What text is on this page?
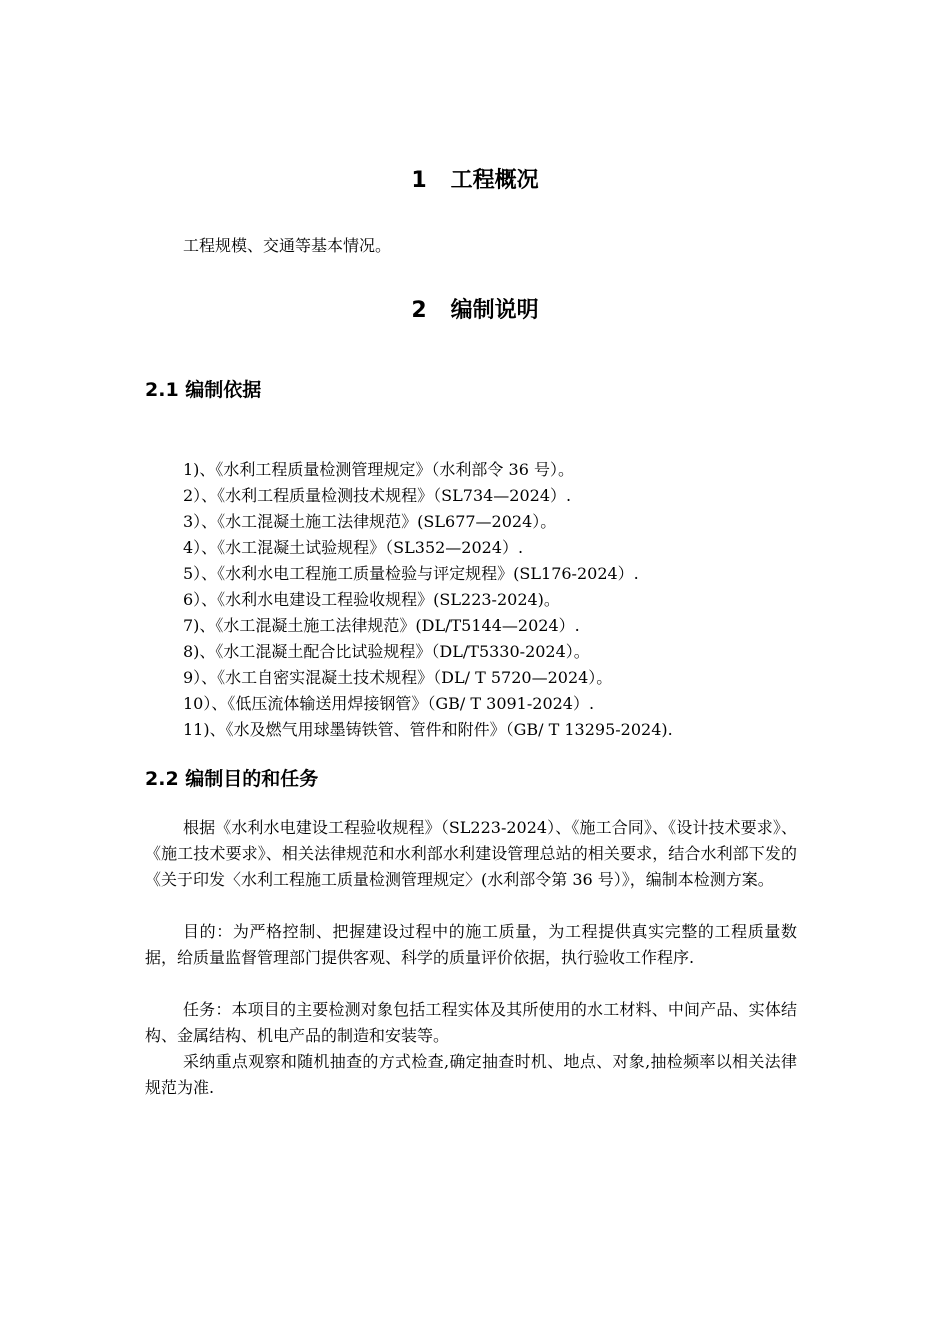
1 工程概况
工程规模、交通等基本情况。
2 编制说明
2.1 编制依据
1)、《水利工程质量检测管理规定》（水利部令 36 号）。
2）、《水利工程质量检测技术规程》（SL734—2024）.
3）、《水工混凝土施工法律规范》(SL677—2024）。
4）、《水工混凝土试验规程》（SL352—2024）.
5）、《水利水电工程施工质量检验与评定规程》(SL176-2024）.
6）、《水利水电建设工程验收规程》(SL223-2024)。
7)、《水工混凝土施工法律规范》(DL/T5144—2024）.
8)、《水工混凝土配合比试验规程》（DL/T5330-2024）。
9）、《水工自密实混凝土技术规程》（DL/ T 5720—2024）。
10）、《低压流体输送用焊接钢管》（GB/ T 3091-2024）.
11)、《水及燃气用球墨铸铁管、管件和附件》（GB/ T 13295-2024).
2.2 编制目的和任务
根据《水利水电建设工程验收规程》（SL223-2024）、《施工合同》、《设计技术要求》、《施工技术要求》、相关法律规范和水利部水利建设管理总站的相关要求，结合水利部下发的《关于印发〈水利工程施工质量检测管理规定〉(水利部令第 36 号）》，编制本检测方案。
目的：为严格控制、把握建设过程中的施工质量，为工程提供真实完整的工程质量数据，给质量监督管理部门提供客观、科学的质量评价依据，执行验收工作程序.
任务：本项目的主要检测对象包括工程实体及其所使用的水工材料、中间产品、实体结构、金属结构、机电产品的制造和安装等。
采纳重点观察和随机抽查的方式检查,确定抽查时机、地点、对象,抽检频率以相关法律规范为准.
